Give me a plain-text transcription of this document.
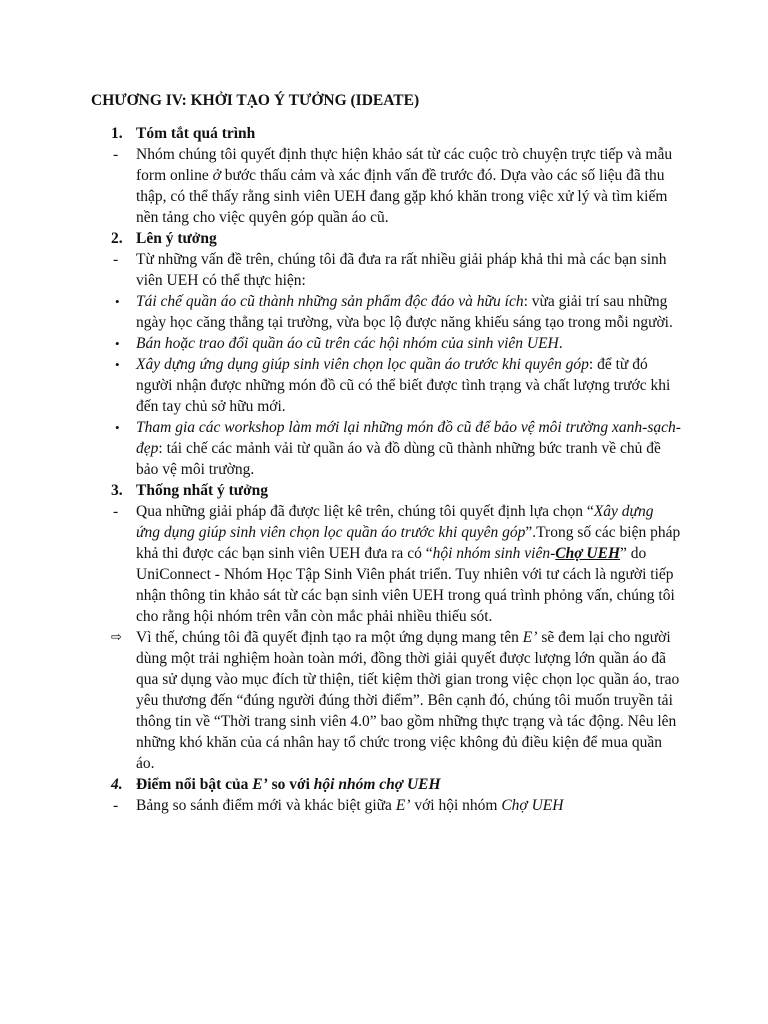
CHƯƠNG IV: KHỞI TẠO Ý TƯỞNG (IDEATE)
1. Tóm tắt quá trình
- Nhóm chúng tôi quyết định thực hiện khảo sát từ các cuộc trò chuyện trực tiếp và mẫu form online ở bước thấu cảm và xác định vấn đề trước đó. Dựa vào các số liệu đã thu thập, có thể thấy rằng sinh viên UEH đang gặp khó khăn trong việc xử lý và tìm kiếm nền tảng cho việc quyên góp quần áo cũ.
2. Lên ý tưởng
- Từ những vấn đề trên, chúng tôi đã đưa ra rất nhiều giải pháp khả thi mà các bạn sinh viên UEH có thể thực hiện:
• Tái chế quần áo cũ thành những sản phẩm độc đáo và hữu ích: vừa giải trí sau những ngày học căng thẳng tại trường, vừa bọc lộ được năng khiếu sáng tạo trong mỗi người.
• Bán hoặc trao đổi quần áo cũ trên các hội nhóm của sinh viên UEH.
• Xây dựng ứng dụng giúp sinh viên chọn lọc quần áo trước khi quyên góp: để từ đó người nhận được những món đồ cũ có thể biết được tình trạng và chất lượng trước khi đến tay chủ sở hữu mới.
• Tham gia các workshop làm mới lại những món đồ cũ để bảo vệ môi trường xanh-sạch-đẹp: tái chế các mảnh vải từ quần áo và đồ dùng cũ thành những bức tranh về chủ đề bảo vệ môi trường.
3. Thống nhất ý tưởng
- Qua những giải pháp đã được liệt kê trên, chúng tôi quyết định lựa chọn “Xây dựng ứng dụng giúp sinh viên chọn lọc quần áo trước khi quyên góp”.Trong số các biện pháp khả thi được các bạn sinh viên UEH đưa ra có “hội nhóm sinh viên-Chợ UEH” do UniConnect - Nhóm Học Tập Sinh Viên phát triển. Tuy nhiên với tư cách là người tiếp nhận thông tin khảo sát từ các bạn sinh viên UEH trong quá trình phỏng vấn, chúng tôi cho rằng hội nhóm trên vẫn còn mắc phải nhiều thiếu sót.
⇨ Vì thế, chúng tôi đã quyết định tạo ra một ứng dụng mang tên E’ sẽ đem lại cho người dùng một trải nghiệm hoàn toàn mới, đồng thời giải quyết được lượng lớn quần áo đã qua sử dụng vào mục đích từ thiện, tiết kiệm thời gian trong việc chọn lọc quần áo, trao yêu thương đến “đúng người đúng thời điểm”. Bên cạnh đó, chúng tôi muốn truyền tải thông tin về “Thời trang sinh viên 4.0” bao gồm những thực trạng và tác động. Nêu lên những khó khăn của cá nhân hay tổ chức trong việc không đủ điều kiện để mua quần áo.
4. Điểm nổi bật của E’ so với hội nhóm chợ UEH
- Bảng so sánh điểm mới và khác biệt giữa E’ với hội nhóm Chợ UEH
